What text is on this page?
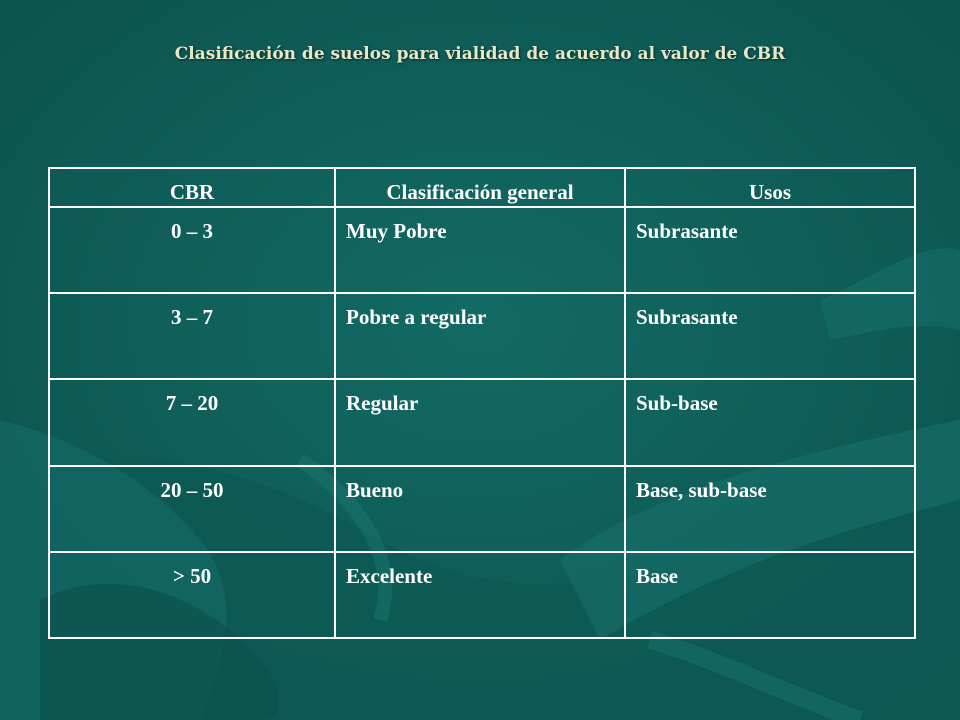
Clasificación de suelos para vialidad de acuerdo al valor de CBR
CBR	Clasificación general	Usos
0 – 3	Muy Pobre	Subrasante
3 – 7	Pobre a regular	Subrasante
7 – 20	Regular	Sub-base
20 – 50	Bueno	Base, sub-base
> 50	Excelente	Base
